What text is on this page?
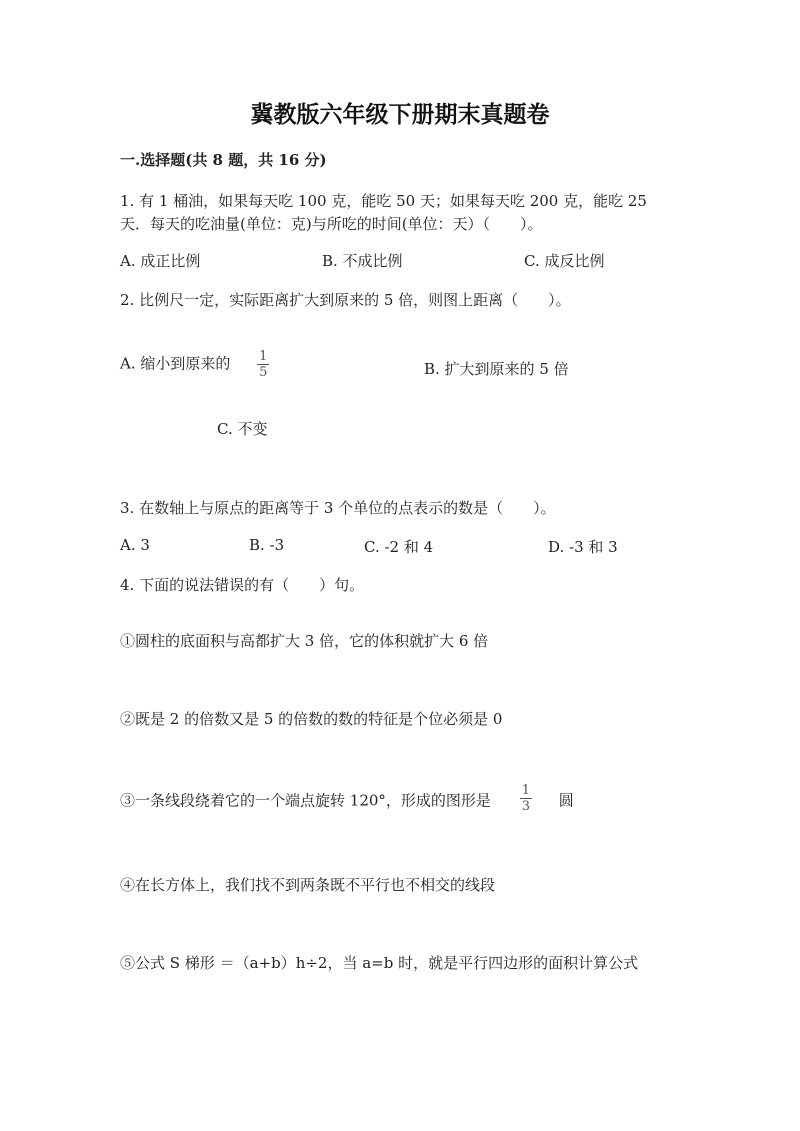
冀教版六年级下册期末真题卷
一.选择题(共 8 题，共 16 分)
1. 有 1 桶油，如果每天吃 100 克，能吃 50 天；如果每天吃 200 克，能吃 25
天．每天的吃油量(单位：克)与所吃的时间(单位：天）（　　）。
A. 成正比例	B. 不成比例	C. 成反比例
2. 比例尺一定，实际距离扩大到原来的 5 倍，则图上距离（　　）。
A. 缩小到原来的 $\frac{1}{5}$	B. 扩大到原来的 5 倍
C. 不变
3. 在数轴上与原点的距离等于 3 个单位的点表示的数是（　　）。
A. 3	B. -3	C. -2 和 4	D. -3 和 3
4. 下面的说法错误的有（　　）句。
①圆柱的底面积与高都扩大 3 倍，它的体积就扩大 6 倍
②既是 2 的倍数又是 5 的倍数的数的特征是个位必须是 0
③一条线段绕着它的一个端点旋转 120°，形成的图形是 $\frac{1}{3}$ 圆
④在长方体上，我们找不到两条既不平行也不相交的线段
⑤公式 S 梯形 ＝（a+b）h÷2，当 a=b 时，就是平行四边形的面积计算公式
